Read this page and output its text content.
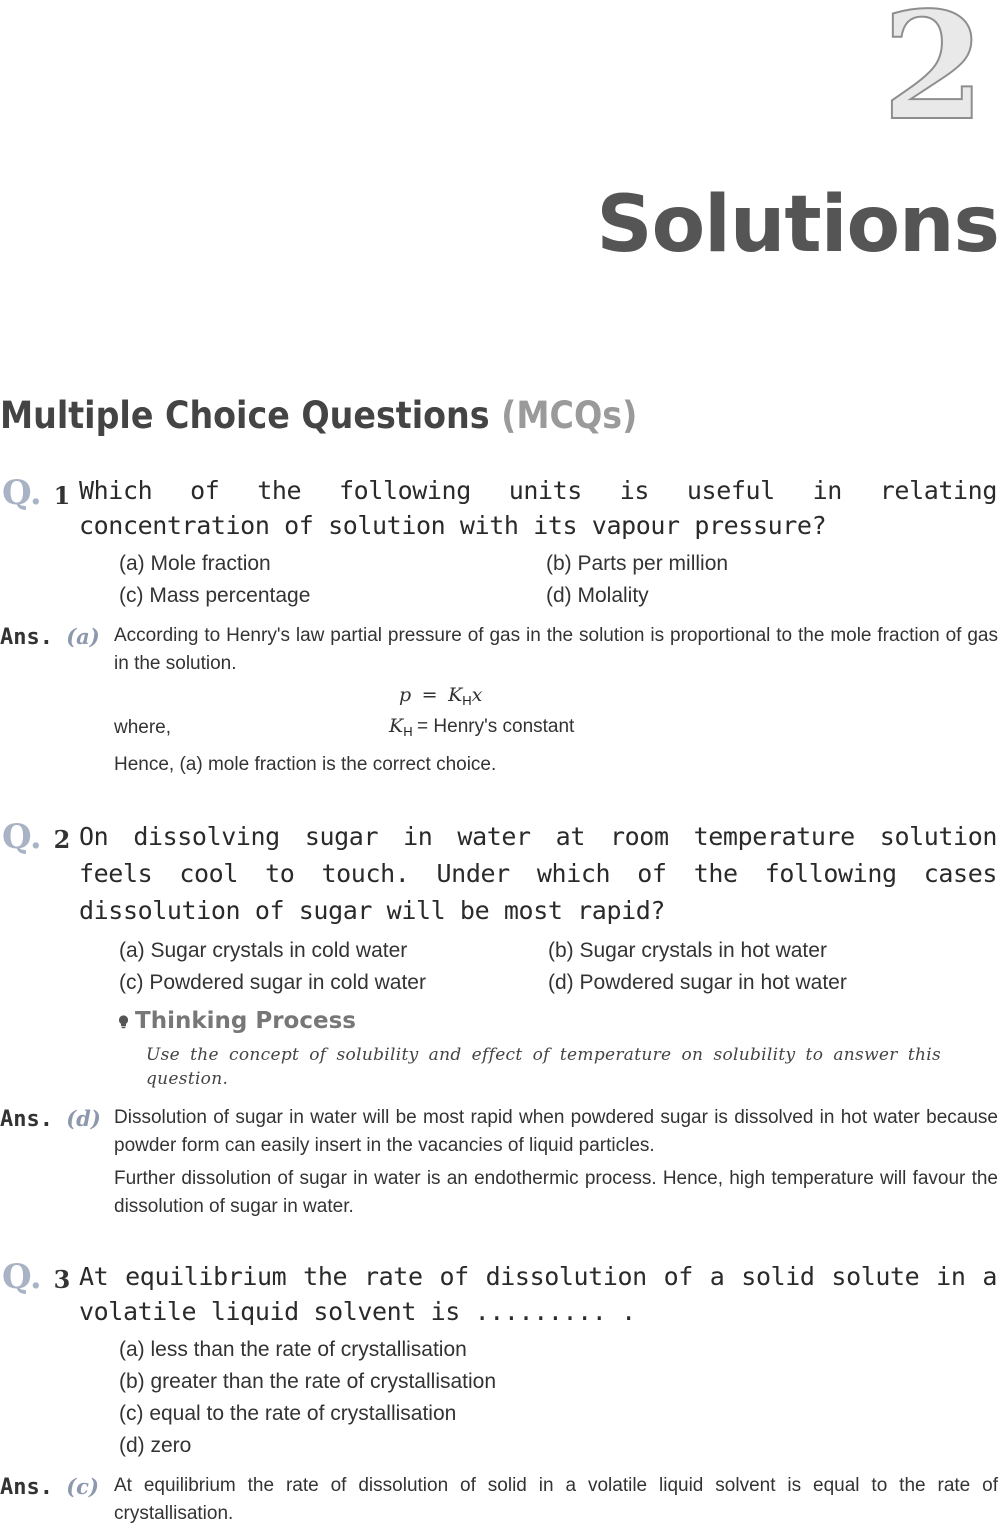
2
Solutions
Multiple Choice Questions (MCQs)
Q. 1 Which of the following units is useful in relating concentration of solution with its vapour pressure?
(a) Mole fraction	(b) Parts per million
(c) Mass percentage	(d) Molality
Ans. (a) According to Henry's law partial pressure of gas in the solution is proportional to the mole fraction of gas in the solution.
$p = K_Hx$
where,	$K_H$ = Henry's constant
Hence, (a) mole fraction is the correct choice.
Q. 2 On dissolving sugar in water at room temperature solution feels cool to touch. Under which of the following cases dissolution of sugar will be most rapid?
(a) Sugar crystals in cold water	(b) Sugar crystals in hot water
(c) Powdered sugar in cold water	(d) Powdered sugar in hot water
Thinking Process
Use the concept of solubility and effect of temperature on solubility to answer this question.
Ans. (d) Dissolution of sugar in water will be most rapid when powdered sugar is dissolved in hot water because powder form can easily insert in the vacancies of liquid particles.
Further dissolution of sugar in water is an endothermic process. Hence, high temperature will favour the dissolution of sugar in water.
Q. 3 At equilibrium the rate of dissolution of a solid solute in a volatile liquid solvent is ......... .
(a) less than the rate of crystallisation
(b) greater than the rate of crystallisation
(c) equal to the rate of crystallisation
(d) zero
Ans. (c) At equilibrium the rate of dissolution of solid in a volatile liquid solvent is equal to the rate of crystallisation.
